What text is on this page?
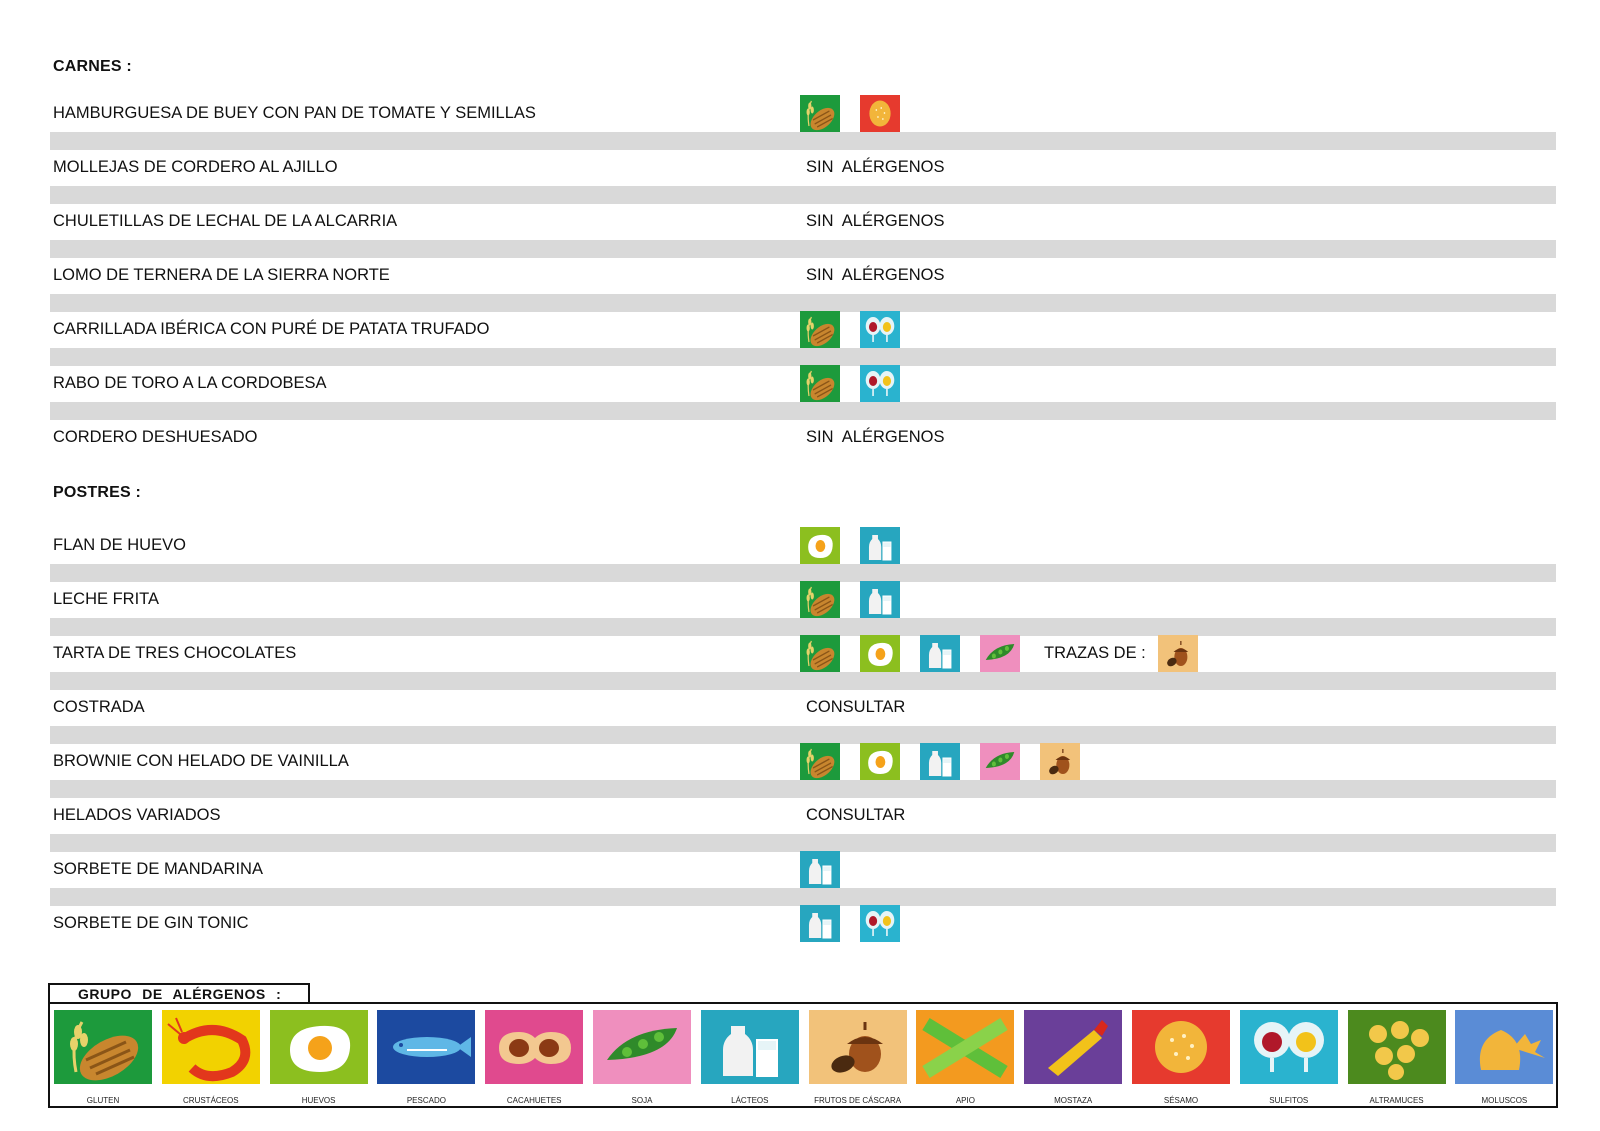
CARNES :
POSTRES :
HAMBURGUESA DE BUEY CON PAN DE TOMATE Y SEMILLAS
MOLLEJAS DE CORDERO AL AJILLO	SIN  ALÉRGENOS
CHULETILLAS DE LECHAL DE LA ALCARRIA	SIN  ALÉRGENOS
LOMO DE TERNERA DE LA SIERRA NORTE	SIN  ALÉRGENOS
CARRILLADA IBÉRICA CON PURÉ DE PATATA TRUFADO
RABO DE TORO A LA CORDOBESA
CORDERO DESHUESADO	SIN  ALÉRGENOS
FLAN DE HUEVO
LECHE FRITA
TARTA DE TRES CHOCOLATES	TRAZAS DE :
COSTRADA	CONSULTAR
BROWNIE CON HELADO DE VAINILLA
HELADOS VARIADOS	CONSULTAR
SORBETE DE MANDARINA
SORBETE DE GIN TONIC
GRUPO DE ALÉRGENOS :
GLUTEN	CRUSTÁCEOS	HUEVOS	PESCADO	CACAHUETES	SOJA	LÁCTEOS	FRUTOS DE CÁSCARA	APIO	MOSTAZA	SÉSAMO	SULFITOS	ALTRAMUCES	MOLUSCOS
